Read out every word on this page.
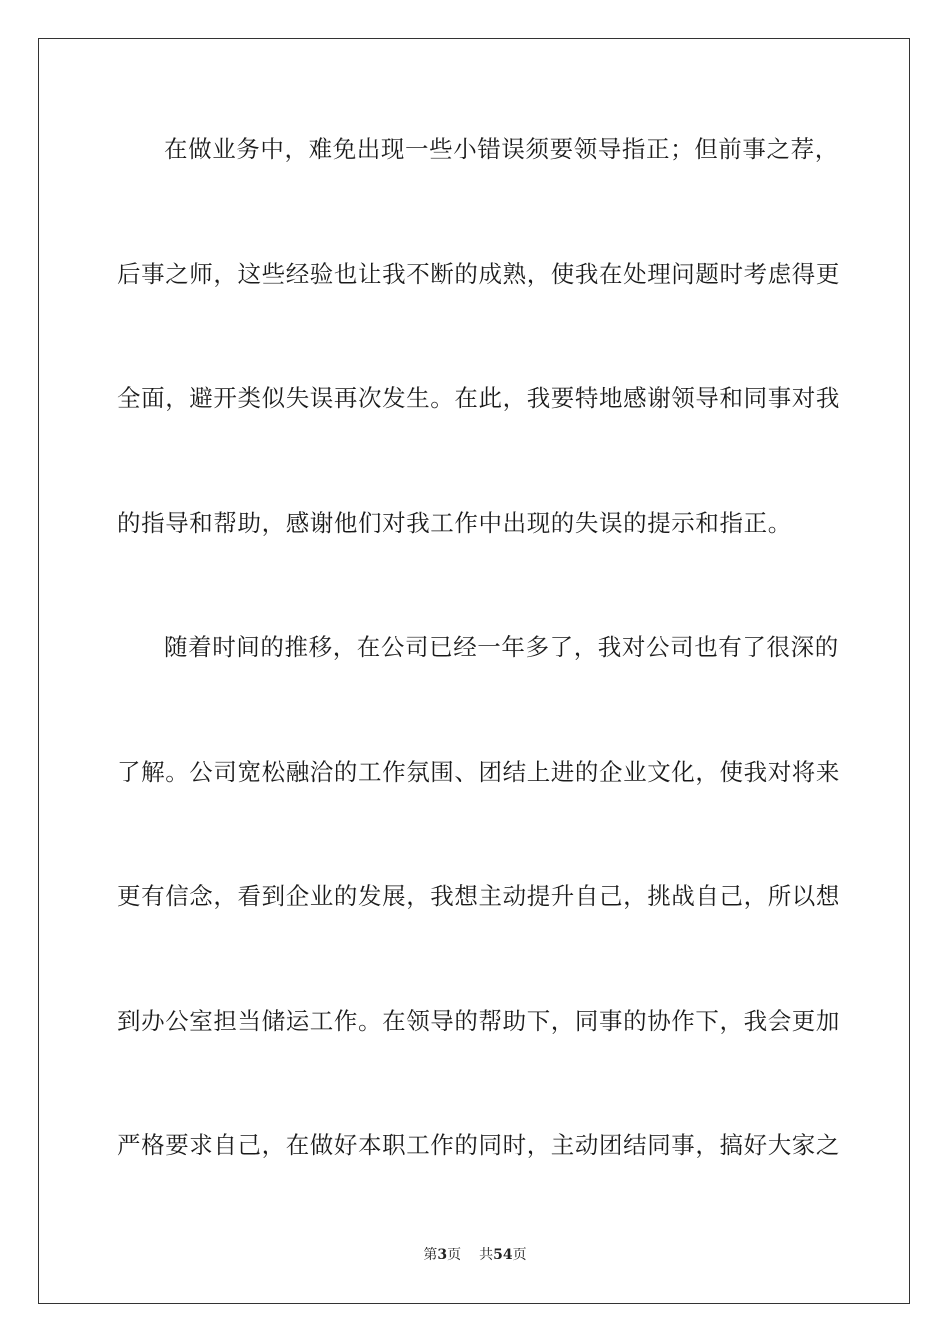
在做业务中，难免出现一些小错误须要领导指正；但前事之荐，
后事之师，这些经验也让我不断的成熟，使我在处理问题时考虑得更
全面，避开类似失误再次发生。在此，我要特地感谢领导和同事对我
的指导和帮助，感谢他们对我工作中出现的失误的提示和指正。
随着时间的推移，在公司已经一年多了，我对公司也有了很深的
了解。公司宽松融洽的工作氛围、团结上进的企业文化，使我对将来
更有信念，看到企业的发展，我想主动提升自己，挑战自己，所以想
到办公室担当储运工作。在领导的帮助下，同事的协作下，我会更加
严格要求自己，在做好本职工作的同时，主动团结同事，搞好大家之
第3页 共54页
